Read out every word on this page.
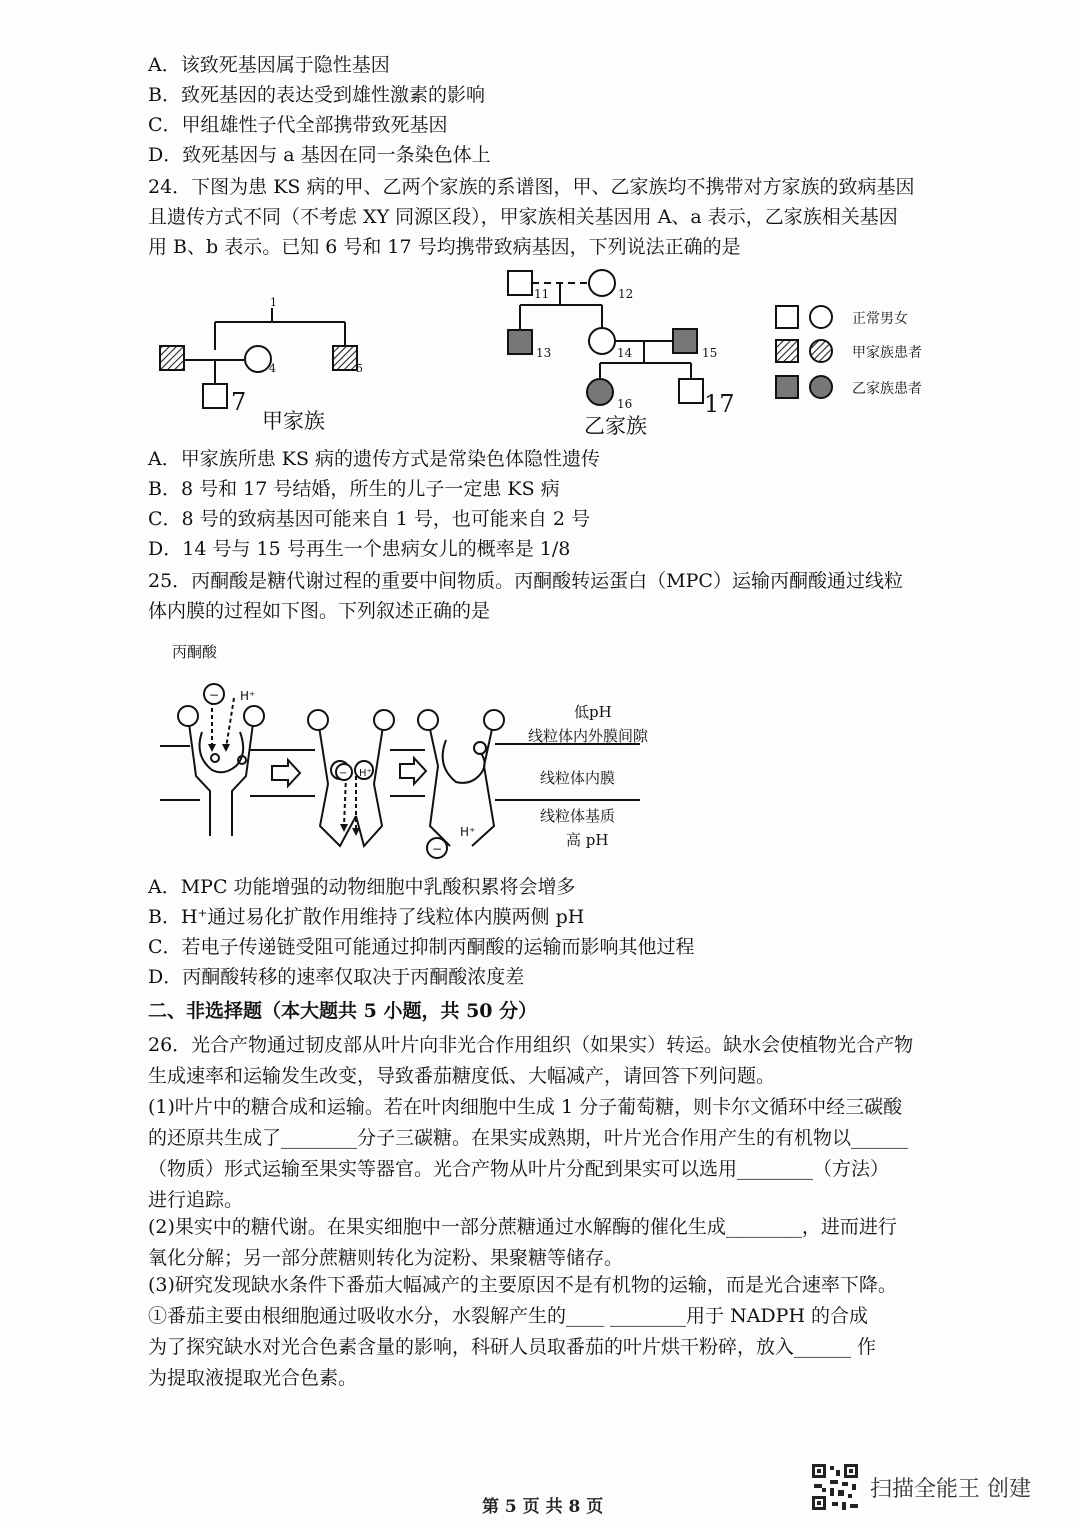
A．该致死基因属于隐性基因
B．致死基因的表达受到雄性激素的影响
C．甲组雄性子代全部携带致死基因
D．致死基因与 a 基因在同一条染色体上
24．下图为患 KS 病的甲、乙两个家族的系谱图，甲、乙家族均不携带对方家族的致病基因
且遗传方式不同（不考虑 XY 同源区段），甲家族相关基因用 A、a 表示，乙家族相关基因
用 B、b 表示。已知 6 号和 17 号均携带致病基因，下列说法正确的是
1
4	5
7
甲家族
11	12
13	14	15
16	17
乙家族
正常男女
甲家族患者
乙家族患者
A．甲家族所患 KS 病的遗传方式是常染色体隐性遗传
B．8 号和 17 号结婚，所生的儿子一定患 KS 病
C．8 号的致病基因可能来自 1 号，也可能来自 2 号
D．14 号与 15 号再生一个患病女儿的概率是 1/8
25．丙酮酸是糖代谢过程的重要中间物质。丙酮酸转运蛋白（MPC）运输丙酮酸通过线粒
体内膜的过程如下图。下列叙述正确的是
丙酮酸
− H⁺
− H⁺
H⁺
−
低pH
线粒体内外膜间隙
线粒体内膜
线粒体基质
高 pH
A．MPC 功能增强的动物细胞中乳酸积累将会增多
B．H⁺通过易化扩散作用维持了线粒体内膜两侧 pH
C．若电子传递链受阻可能通过抑制丙酮酸的运输而影响其他过程
D．丙酮酸转移的速率仅取决于丙酮酸浓度差
二、非选择题（本大题共 5 小题，共 50 分）
26．光合产物通过韧皮部从叶片向非光合作用组织（如果实）转运。缺水会使植物光合产物
生成速率和运输发生改变，导致番茄糖度低、大幅减产，请回答下列问题。
(1)叶片中的糖合成和运输。若在叶肉细胞中生成 1 分子葡萄糖，则卡尔文循环中经三碳酸
的还原共生成了________分子三碳糖。在果实成熟期，叶片光合作用产生的有机物以______
（物质）形式运输至果实等器官。光合产物从叶片分配到果实可以选用________（方法）
进行追踪。
(2)果实中的糖代谢。在果实细胞中一部分蔗糖通过水解酶的催化生成________，进而进行
氧化分解；另一部分蔗糖则转化为淀粉、果聚糖等储存。
(3)研究发现缺水条件下番茄大幅减产的主要原因不是有机物的运输，而是光合速率下降。
①番茄主要由根细胞通过吸收水分，水裂解产生的____ ________用于 NADPH 的合成
为了探究缺水对光合色素含量的影响，科研人员取番茄的叶片烘干粉碎，放入______ 作
为提取液提取光合色素。
第 5 页 共 8 页
扫描全能王 创建
